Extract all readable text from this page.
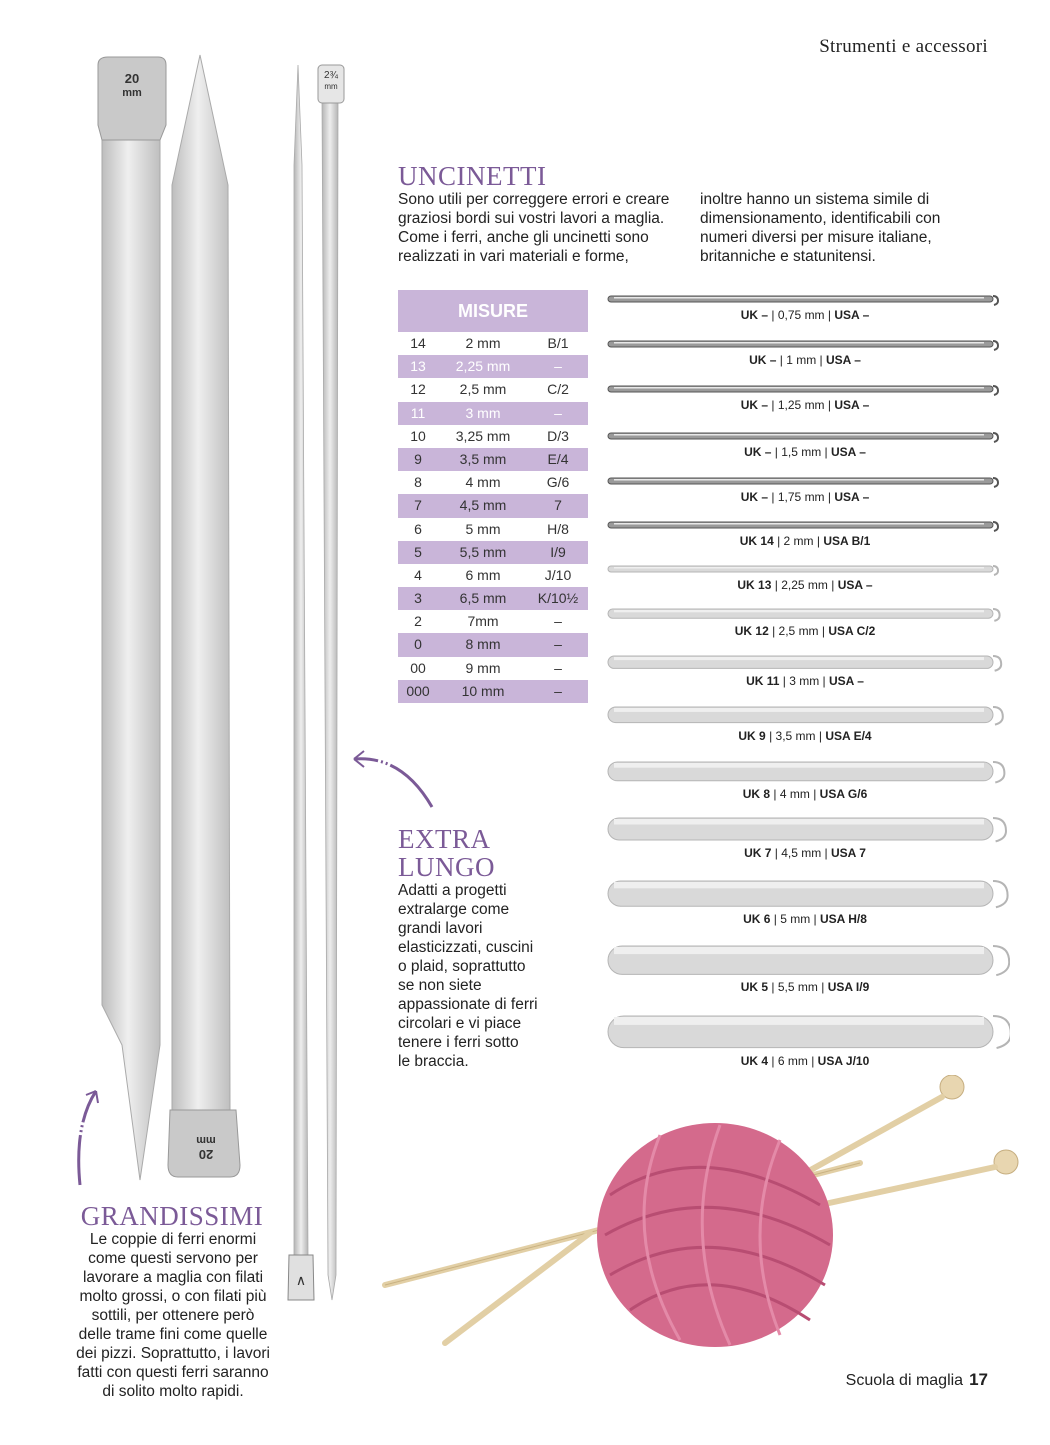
Strumenti e accessori
∧
20
mm
20
mm
2¾
mm
UNCINETTI
Sono utili per correggere errori e creare
graziosi bordi sui vostri lavori a maglia.
Come i ferri, anche gli uncinetti sono
realizzati in vari materiali e forme,
inoltre hanno un sistema simile di
dimensionamento, identificabili con
numeri diversi per misure italiane,
britanniche e statunitensi.
MISURE
14	2 mm	B/1
13	2,25 mm	–
12	2,5 mm	C/2
11	3 mm	–
10	3,25 mm	D/3
9	3,5 mm	E/4
8	4 mm	G/6
7	4,5 mm	7
6	5 mm	H/8
5	5,5 mm	I/9
4	6 mm	J/10
3	6,5 mm	K/10½
2	7mm	–
0	8 mm	–
00	9 mm	–
000	10 mm	–
UK – | 0,75 mm | USA –
UK – | 1 mm | USA –
UK – | 1,25 mm | USA –
UK – | 1,5 mm | USA –
UK – | 1,75 mm | USA –
UK 14 | 2 mm | USA B/1
UK 13 | 2,25 mm | USA –
UK 12 | 2,5 mm | USA C/2
UK 11 | 3 mm | USA –
UK 9 | 3,5 mm | USA E/4
UK 8 | 4 mm | USA G/6
UK 7 | 4,5 mm | USA 7
UK 6 | 5 mm | USA H/8
UK 5 | 5,5 mm | USA I/9
UK 4 | 6 mm | USA J/10
EXTRA
LUNGO
Adatti a progetti
extralarge come
grandi lavori
elasticizzati, cuscini
o plaid, soprattutto
se non siete
appassionate di ferri
circolari e vi piace
tenere i ferri sotto
le braccia.
GRANDISSIMI
Le coppie di ferri enormi
come questi servono per
lavorare a maglia con filati
molto grossi, o con filati più
sottili, per ottenere però
delle trame fini come quelle
dei pizzi. Soprattutto, i lavori
fatti con questi ferri saranno
di solito molto rapidi.
Scuola di maglia 17
